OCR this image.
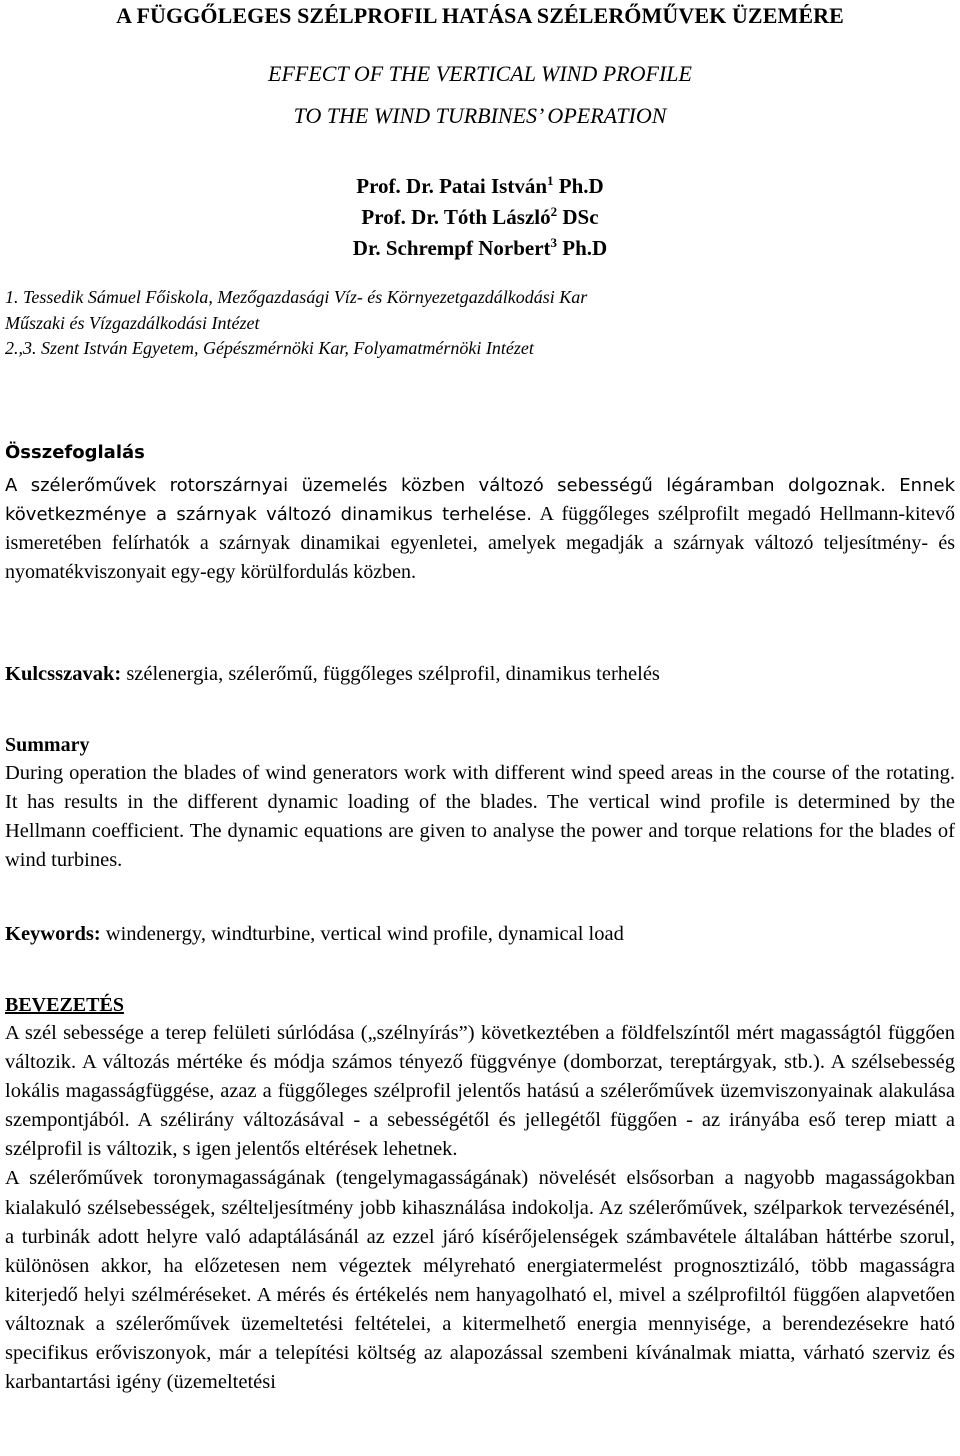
A FÜGGŐLEGES SZÉLPROFIL HATÁSA SZÉLERŐMŰVEK ÜZEMÉRE
EFFECT OF THE VERTICAL WIND PROFILE
TO THE WIND TURBINES’ OPERATION
Prof. Dr. Patai István$^1$ Ph.D
Prof. Dr. Tóth László$^2$ DSc
Dr. Schrempf Norbert$^3$ Ph.D
1. Tessedik Sámuel Főiskola, Mezőgazdasági Víz- és Környezetgazdálkodási Kar
Műszaki és Vízgazdálkodási Intézet
2.,3. Szent István Egyetem, Gépészmérnöki Kar, Folyamatmérnöki Intézet
Összefoglalás
A szélerőművek rotorszárnyai üzemelés közben változó sebességű légáramban dolgoznak. Ennek következménye a szárnyak változó dinamikus terhelése. A függőleges szélprofilt megadó Hellmann-kitevő ismeretében felírhatók a szárnyak dinamikai egyenletei, amelyek megadják a szárnyak változó teljesítmény- és nyomatékviszonyait egy-egy körülfordulás közben.
Kulcsszavak: szélenergia, szélerőmű, függőleges szélprofil, dinamikus terhelés
Summary
During operation the blades of wind generators work with different wind speed areas in the course of the rotating. It has results in the different dynamic loading of the blades. The vertical wind profile is determined by the Hellmann coefficient. The dynamic equations are given to analyse the power and torque relations for the blades of wind turbines.
Keywords: windenergy, windturbine, vertical wind profile, dynamical load
BEVEZETÉS
A szél sebessége a terep felületi súrlódása („szélnyírás”) következtében a földfelszíntől mért magasságtól függően változik. A változás mértéke és módja számos tényező függvénye (domborzat, tereptárgyak, stb.). A szélsebesség lokális magasságfüggése, azaz a függőleges szélprofil jelentős hatású a szélerőművek üzemviszonyainak alakulása szempontjából. A szélirány változásával - a sebességétől és jellegétől függően - az irányába eső terep miatt a szélprofil is változik, s igen jelentős eltérések lehetnek.
A szélerőművek toronymagasságának (tengelymagasságának) növelését elsősorban a nagyobb magasságokban kialakuló szélsebességek, szélteljesítmény jobb kihasználása indokolja. Az szélerőművek, szélparkok tervezésénél, a turbinák adott helyre való adaptálásánál az ezzel járó kísérőjelenségek számbavétele általában háttérbe szorul, különösen akkor, ha előzetesen nem végeztek mélyreható energiatermelést prognosztizáló, több magasságra kiterjedő helyi szélméréseket. A mérés és értékelés nem hanyagolható el, mivel a szélprofiltól függően alapvetően változnak a szélerőművek üzemeltetési feltételei, a kitermelhető energia mennyisége, a berendezésekre ható specifikus erőviszonyok, már a telepítési költség az alapozással szembeni kívánalmak miatta, várható szerviz és karbantartási igény (üzemeltetési
